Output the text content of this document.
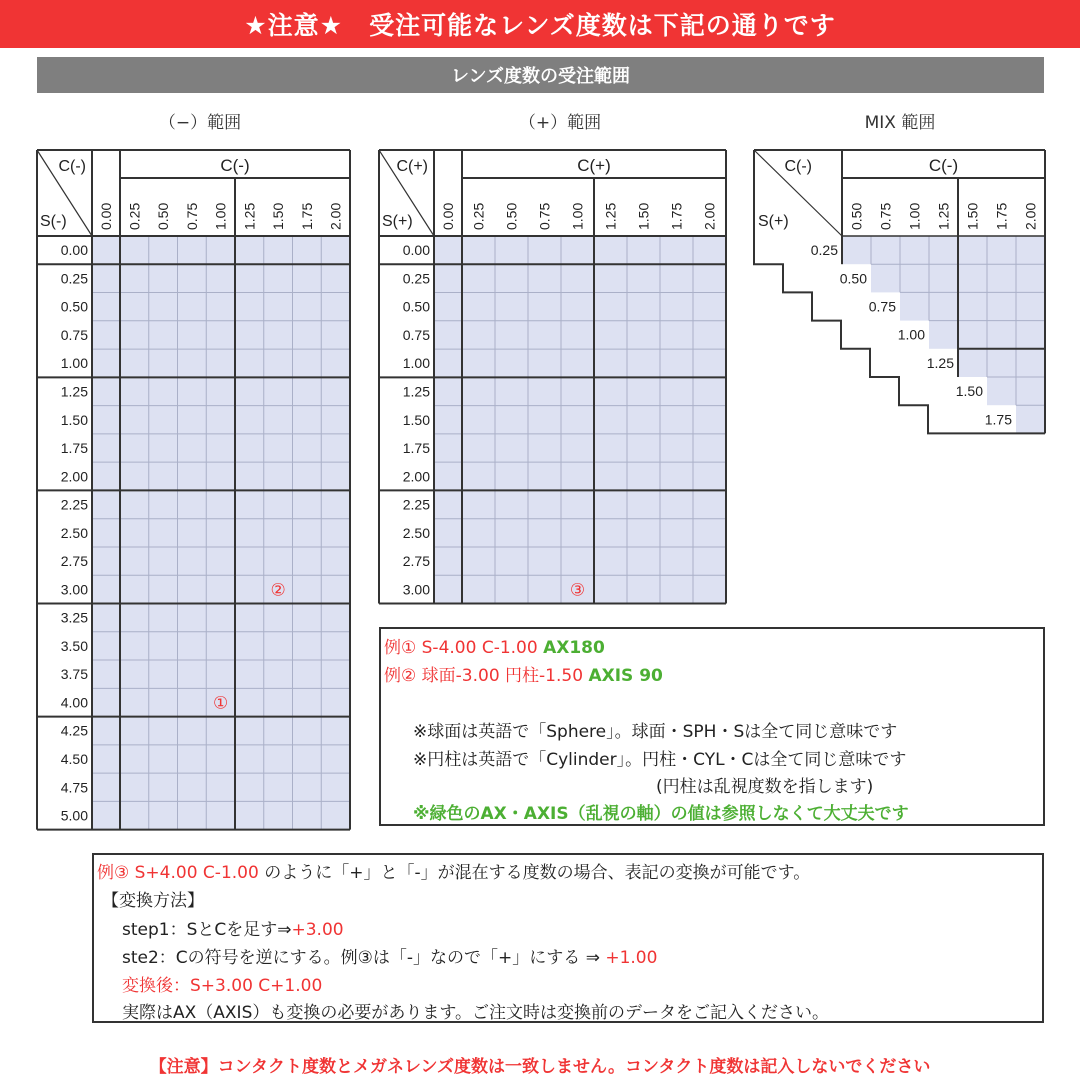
★注意★　受注可能なレンズ度数は下記の通りです
レンズ度数の受注範囲
（−）範囲	（+）範囲	MIX 範囲
0.00
0.25
0.50
0.75
1.00
1.25
1.50
1.75
2.00
2.25
2.50
2.75
3.00
3.25
3.50
3.75
4.00
4.25
4.50
4.75
5.00
0.00 0.25 0.50 0.75 1.00 1.25 1.50 1.75 2.00
C(-)
C(-)
S(-)
②
①
0.00
0.25
0.50
0.75
1.00
1.25
1.50
1.75
2.00
2.25
2.50
2.75
3.00
0.00 0.25 0.50 0.75 1.00 1.25 1.50 1.75 2.00
C(+)
C(+)
S(+)
③
0.25
0.50
0.75
1.00
1.25
1.50
1.75
0.50 0.75 1.00 1.25 1.50 1.75 2.00
C(-)
C(-)
S(+)
例① S-4.00 C-1.00 AX180
例② 球面-3.00 円柱-1.50 AXIS 90
※球面は英語で「Sphere」。球面・SPH・Sは全て同じ意味です
※円柱は英語で「Cylinder」。円柱・CYL・Cは全て同じ意味です
(円柱は乱視度数を指します)
※緑色のAX・AXIS（乱視の軸）の値は参照しなくて大丈夫です
例③ S+4.00 C-1.00 のように「+」と「-」が混在する度数の場合、表記の変換が可能です。
【変換方法】
step1：SとCを足す⇒+3.00
ste2：Cの符号を逆にする。例③は「-」なので「+」にする ⇒ +1.00
変換後：S+3.00 C+1.00
実際はAX（AXIS）も変換の必要があります。ご注文時は変換前のデータをご記入ください。
【注意】コンタクト度数とメガネレンズ度数は一致しません。コンタクト度数は記入しないでください
